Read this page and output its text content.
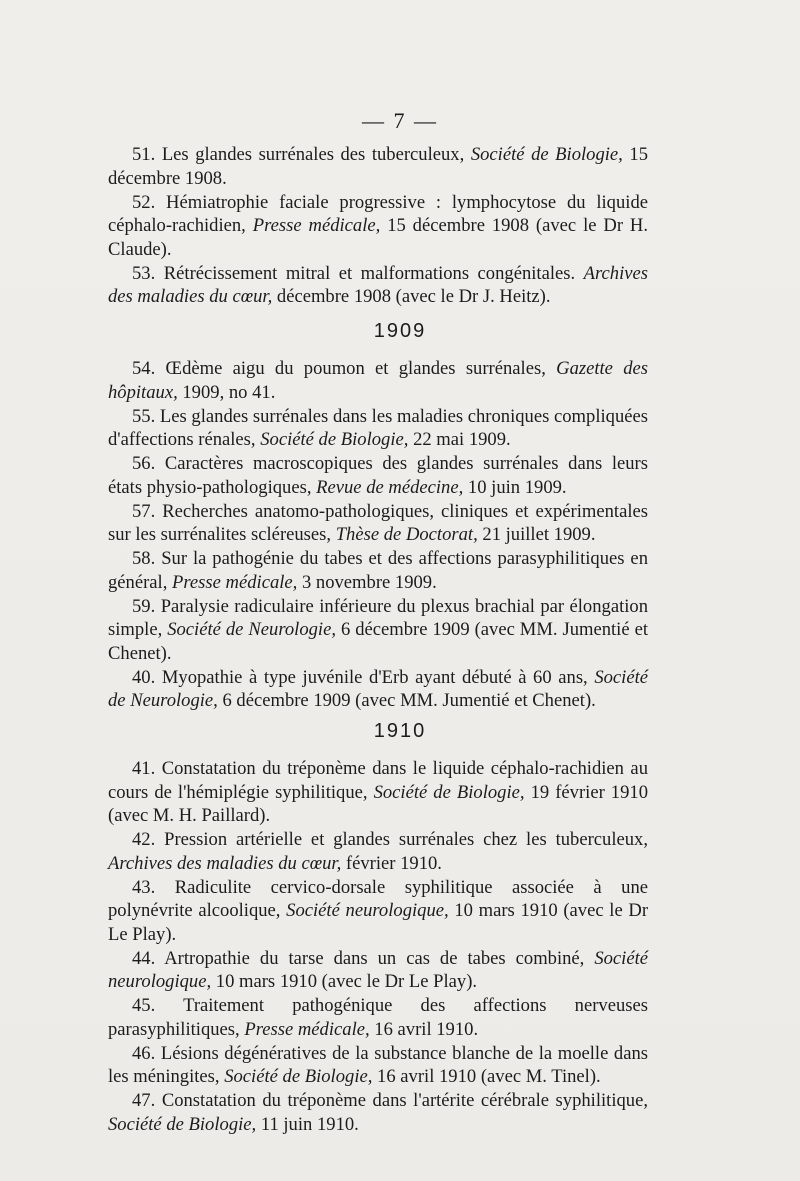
— 7 —

51. Les glandes surrénales des tuberculeux, Société de Biologie, 15 décembre 1908.

52. Hémiatrophie faciale progressive : lymphocytose du liquide céphalo-rachidien, Presse médicale, 15 décembre 1908 (avec le Dr H. Claude).

53. Rétrécissement mitral et malformations congénitales. Archives des maladies du cœur, décembre 1908 (avec le Dr J. Heitz).

1909

54. Œdème aigu du poumon et glandes surrénales, Gazette des hôpitaux, 1909, no 41.

55. Les glandes surrénales dans les maladies chroniques compliquées d'affections rénales, Société de Biologie, 22 mai 1909.

56. Caractères macroscopiques des glandes surrénales dans leurs états physio-pathologiques, Revue de médecine, 10 juin 1909.

57. Recherches anatomo-pathologiques, cliniques et expérimentales sur les surrénalites scléreuses, Thèse de Doctorat, 21 juillet 1909.

58. Sur la pathogénie du tabes et des affections parasyphilitiques en général, Presse médicale, 3 novembre 1909.

59. Paralysie radiculaire inférieure du plexus brachial par élongation simple, Société de Neurologie, 6 décembre 1909 (avec MM. Jumentié et Chenet).

40. Myopathie à type juvénile d'Erb ayant débuté à 60 ans, Société de Neurologie, 6 décembre 1909 (avec MM. Jumentié et Chenet).

1910

41. Constatation du tréponème dans le liquide céphalo-rachidien au cours de l'hémiplégie syphilitique, Société de Biologie, 19 février 1910 (avec M. H. Paillard).

42. Pression artérielle et glandes surrénales chez les tuberculeux, Archives des maladies du cœur, février 1910.

43. Radiculite cervico-dorsale syphilitique associée à une polynévrite alcoolique, Société neurologique, 10 mars 1910 (avec le Dr Le Play).

44. Artropathie du tarse dans un cas de tabes combiné, Société neurologique, 10 mars 1910 (avec le Dr Le Play).

45. Traitement pathogénique des affections nerveuses parasyphilitiques, Presse médicale, 16 avril 1910.

46. Lésions dégénératives de la substance blanche de la moelle dans les méningites, Société de Biologie, 16 avril 1910 (avec M. Tinel).

47. Constatation du tréponème dans l'artérite cérébrale syphilitique, Société de Biologie, 11 juin 1910.
